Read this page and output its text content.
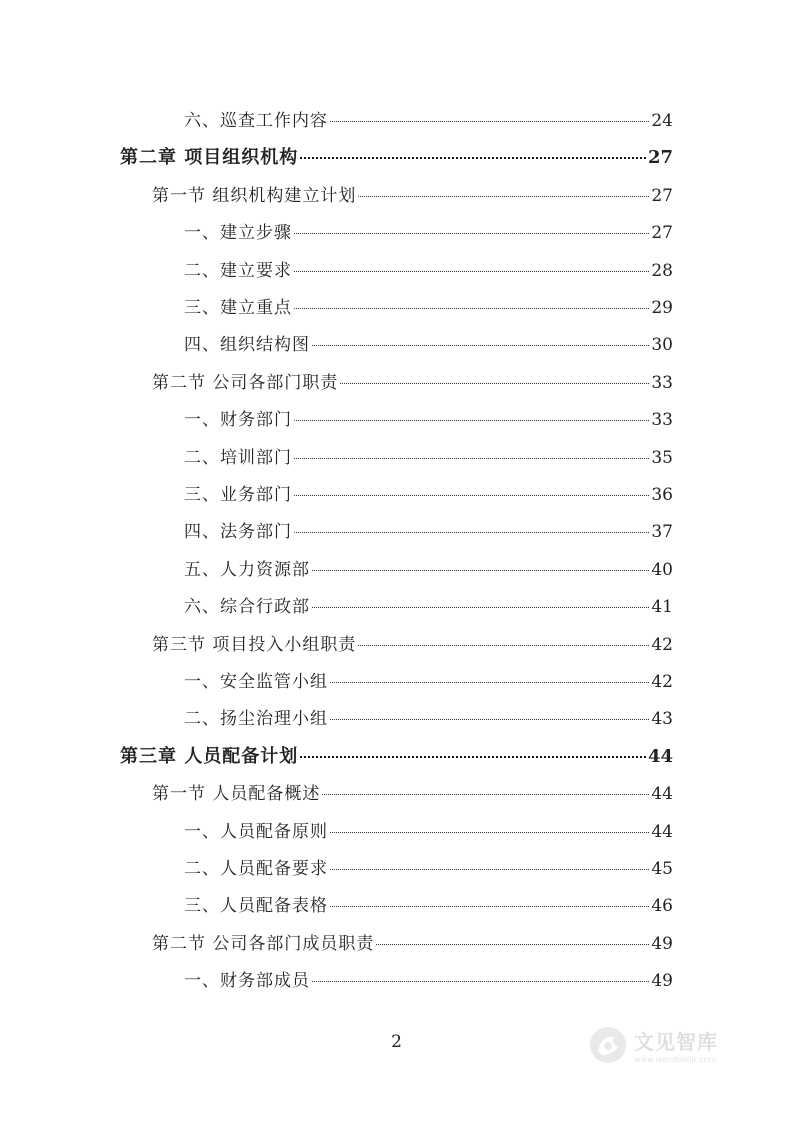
六、巡查工作内容	24
第二章 项目组织机构	27
第一节 组织机构建立计划	27
一、建立步骤	27
二、建立要求	28
三、建立重点	29
四、组织结构图	30
第二节 公司各部门职责	33
一、财务部门	33
二、培训部门	35
三、业务部门	36
四、法务部门	37
五、人力资源部	40
六、综合行政部	41
第三节 项目投入小组职责	42
一、安全监管小组	42
二、扬尘治理小组	43
第三章 人员配备计划	44
第一节 人员配备概述	44
一、人员配备原则	44
二、人员配备要求	45
三、人员配备表格	46
第二节 公司各部门成员职责	49
一、财务部成员	49
2	文见智库
www.wenduolib.com
